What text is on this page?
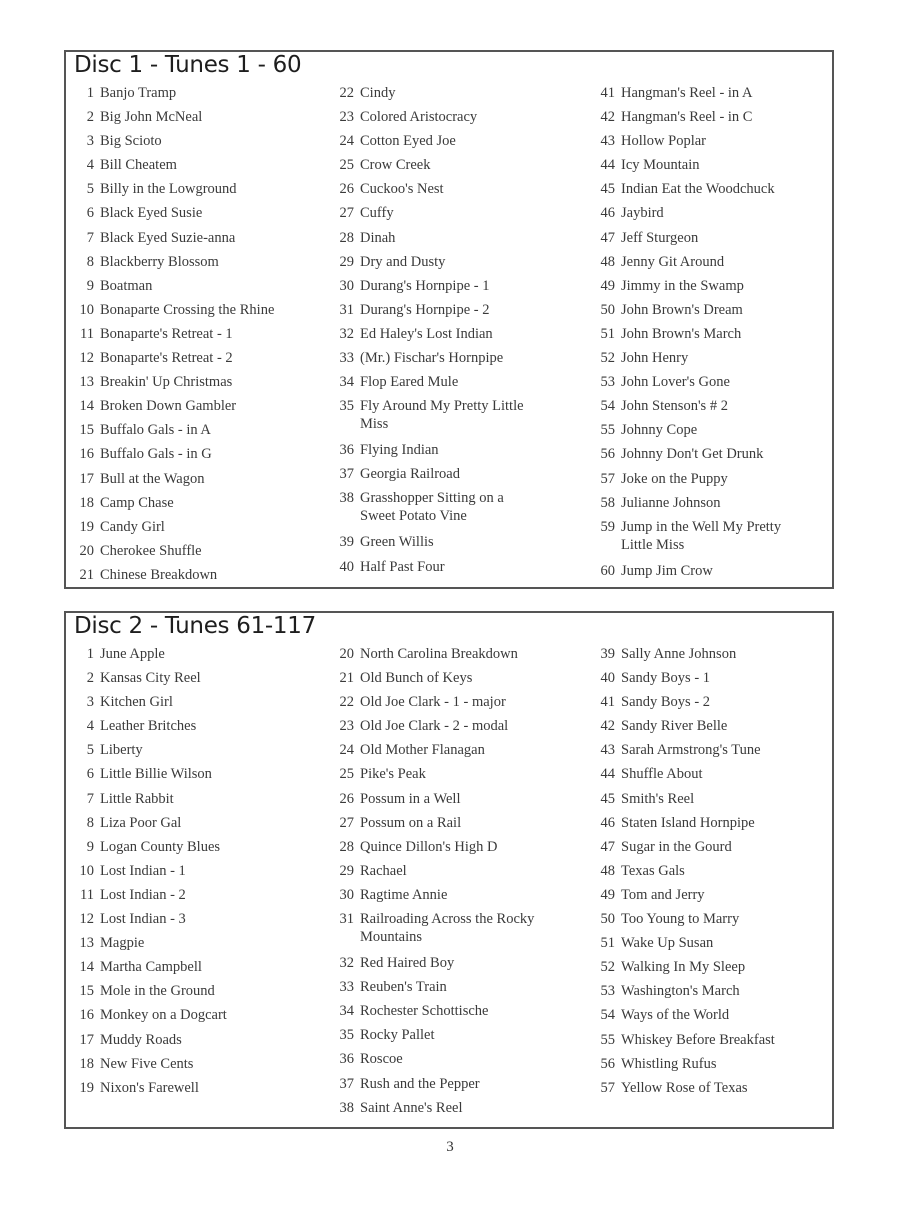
Disc 1 - Tunes 1 - 60
1 Banjo Tramp
2 Big John McNeal
3 Big Scioto
4 Bill Cheatem
5 Billy in the Lowground
6 Black Eyed Susie
7 Black Eyed Suzie-anna
8 Blackberry Blossom
9 Boatman
10 Bonaparte Crossing the Rhine
11 Bonaparte's Retreat - 1
12 Bonaparte's Retreat - 2
13 Breakin' Up Christmas
14 Broken Down Gambler
15 Buffalo Gals - in A
16 Buffalo Gals - in G
17 Bull at the Wagon
18 Camp Chase
19 Candy Girl
20 Cherokee Shuffle
21 Chinese Breakdown
22 Cindy
23 Colored Aristocracy
24 Cotton Eyed Joe
25 Crow Creek
26 Cuckoo's Nest
27 Cuffy
28 Dinah
29 Dry and Dusty
30 Durang's Hornpipe - 1
31 Durang's Hornpipe - 2
32 Ed Haley's Lost Indian
33 (Mr.) Fischar's Hornpipe
34 Flop Eared Mule
35 Fly Around My Pretty Little Miss
36 Flying Indian
37 Georgia Railroad
38 Grasshopper Sitting on a Sweet Potato Vine
39 Green Willis
40 Half Past Four
41 Hangman's Reel - in A
42 Hangman's Reel - in C
43 Hollow Poplar
44 Icy Mountain
45 Indian Eat the Woodchuck
46 Jaybird
47 Jeff Sturgeon
48 Jenny Git Around
49 Jimmy in the Swamp
50 John Brown's Dream
51 John Brown's March
52 John Henry
53 John Lover's Gone
54 John Stenson's # 2
55 Johnny Cope
56 Johnny Don't Get Drunk
57 Joke on the Puppy
58 Julianne Johnson
59 Jump in the Well My Pretty Little Miss
60 Jump Jim Crow
Disc 2 - Tunes 61-117
1 June Apple
2 Kansas City Reel
3 Kitchen Girl
4 Leather Britches
5 Liberty
6 Little Billie Wilson
7 Little Rabbit
8 Liza Poor Gal
9 Logan County Blues
10 Lost Indian - 1
11 Lost Indian - 2
12 Lost Indian - 3
13 Magpie
14 Martha Campbell
15 Mole in the Ground
16 Monkey on a Dogcart
17 Muddy Roads
18 New Five Cents
19 Nixon's Farewell
20 North Carolina Breakdown
21 Old Bunch of Keys
22 Old Joe Clark - 1 - major
23 Old Joe Clark - 2 - modal
24 Old Mother Flanagan
25 Pike's Peak
26 Possum in a Well
27 Possum on a Rail
28 Quince Dillon's High D
29 Rachael
30 Ragtime Annie
31 Railroading Across the Rocky Mountains
32 Red Haired Boy
33 Reuben's Train
34 Rochester Schottische
35 Rocky Pallet
36 Roscoe
37 Rush and the Pepper
38 Saint Anne's Reel
39 Sally Anne Johnson
40 Sandy Boys - 1
41 Sandy Boys - 2
42 Sandy River Belle
43 Sarah Armstrong's Tune
44 Shuffle About
45 Smith's Reel
46 Staten Island Hornpipe
47 Sugar in the Gourd
48 Texas Gals
49 Tom and Jerry
50 Too Young to Marry
51 Wake Up Susan
52 Walking In My Sleep
53 Washington's March
54 Ways of the World
55 Whiskey Before Breakfast
56 Whistling Rufus
57 Yellow Rose of Texas
3
